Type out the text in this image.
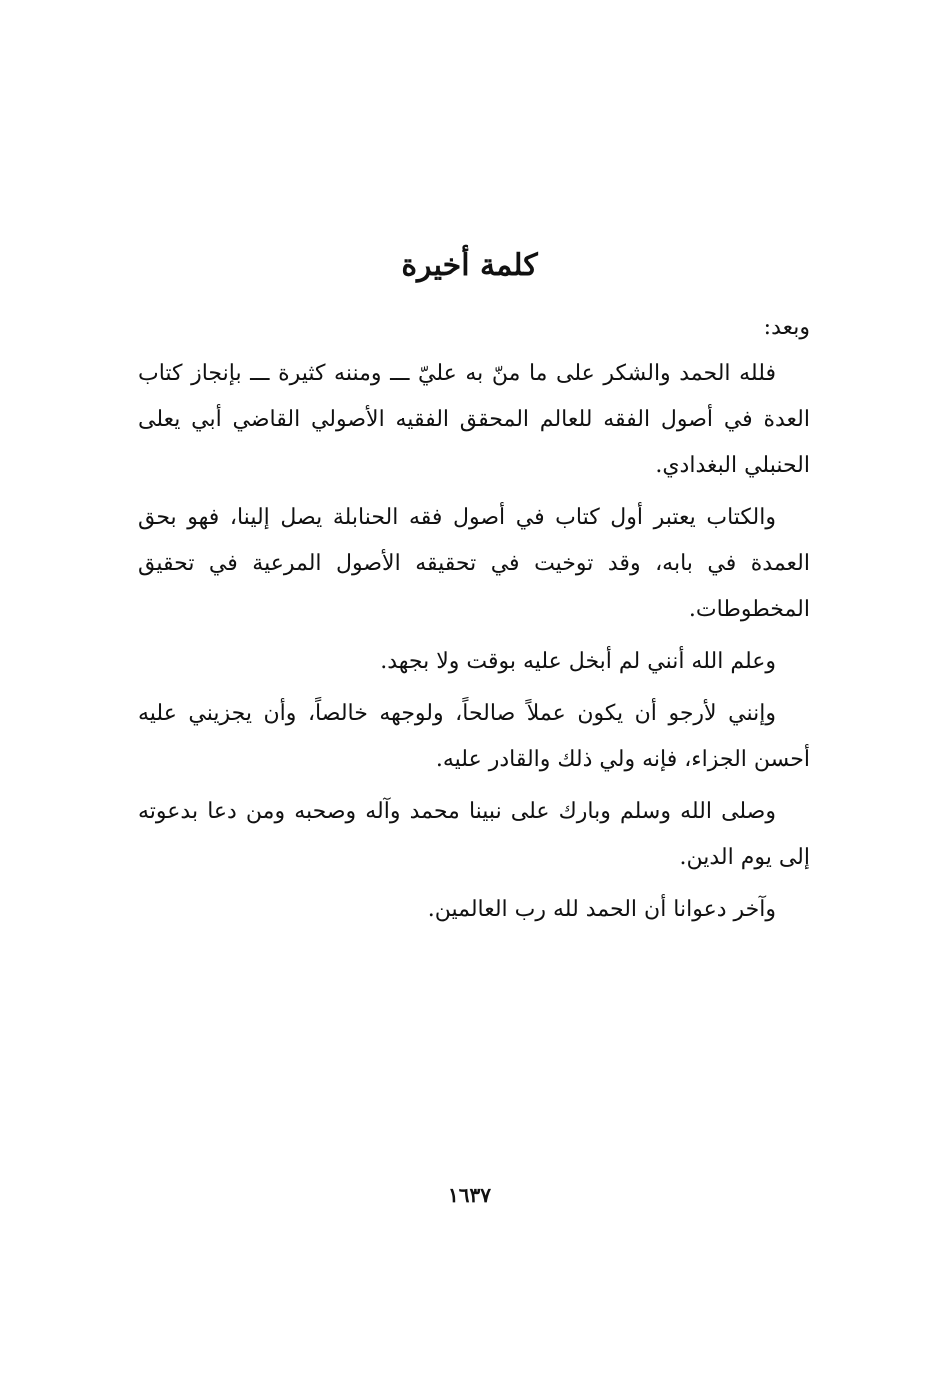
كلمة أخيرة

وبعد:

فلله الحمد والشكر على ما منّ به عليّ ـــ ومننه كثيرة ـــ بإنجاز كتاب العدة في أصول الفقه للعالم المحقق الفقيه الأصولي القاضي أبي يعلى الحنبلي البغدادي.

والكتاب يعتبر أول كتاب في أصول فقه الحنابلة يصل إلينا، فهو بحق العمدة في بابه، وقد توخيت في تحقيقه الأصول المرعية في تحقيق المخطوطات.

وعلم الله أنني لم أبخل عليه بوقت ولا بجهد.

وإنني لأرجو أن يكون عملاً صالحاً، ولوجهه خالصاً، وأن يجزيني عليه أحسن الجزاء، فإنه ولي ذلك والقادر عليه.

وصلى الله وسلم وبارك على نبينا محمد وآله وصحبه ومن دعا بدعوته إلى يوم الدين.

وآخر دعوانا أن الحمد لله رب العالمين.

١٦٣٧
